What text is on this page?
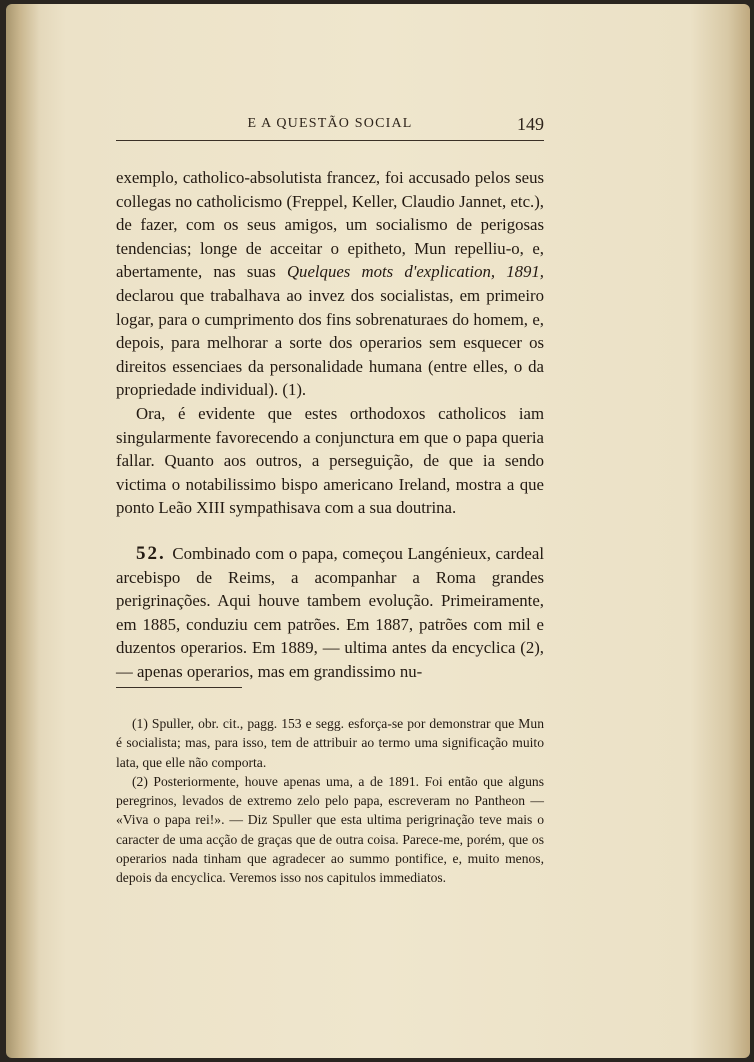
E A QUESTÃO SOCIAL	149

exemplo, catholico-absolutista francez, foi accusado pelos seus collegas no catholicismo (Freppel, Keller, Claudio Jannet, etc.), de fazer, com os seus amigos, um socialismo de perigosas tendencias; longe de acceitar o epitheto, Mun repelliu-o, e, abertamente, nas suas Quelques mots d'explication, 1891, declarou que trabalhava ao invez dos socialistas, em primeiro logar, para o cumprimento dos fins sobrenaturaes do homem, e, depois, para melhorar a sorte dos operarios sem esquecer os direitos essenciaes da personalidade humana (entre elles, o da propriedade individual). (1).

Ora, é evidente que estes orthodoxos catholicos iam singularmente favorecendo a conjunctura em que o papa queria fallar. Quanto aos outros, a perseguição, de que ia sendo victima o notabilissimo bispo americano Ireland, mostra a que ponto Leão XIII sympathisava com a sua doutrina.

52. Combinado com o papa, começou Langénieux, cardeal arcebispo de Reims, a acompanhar a Roma grandes perigrinações. Aqui houve tambem evolução. Primeiramente, em 1885, conduziu cem patrões. Em 1887, patrões com mil e duzentos operarios. Em 1889, — ultima antes da encyclica (2), — apenas operarios, mas em grandissimo nu-

(1) Spuller, obr. cit., pagg. 153 e segg. esforça-se por demonstrar que Mun é socialista; mas, para isso, tem de attribuir ao termo uma significação muito lata, que elle não comporta.

(2) Posteriormente, houve apenas uma, a de 1891. Foi então que alguns peregrinos, levados de extremo zelo pelo papa, escreveram no Pantheon — «Viva o papa rei!». — Diz Spuller que esta ultima perigrinação teve mais o caracter de uma acção de graças que de outra coisa. Parece-me, porém, que os operarios nada tinham que agradecer ao summo pontifice, e, muito menos, depois da encyclica. Veremos isso nos capitulos immediatos.
